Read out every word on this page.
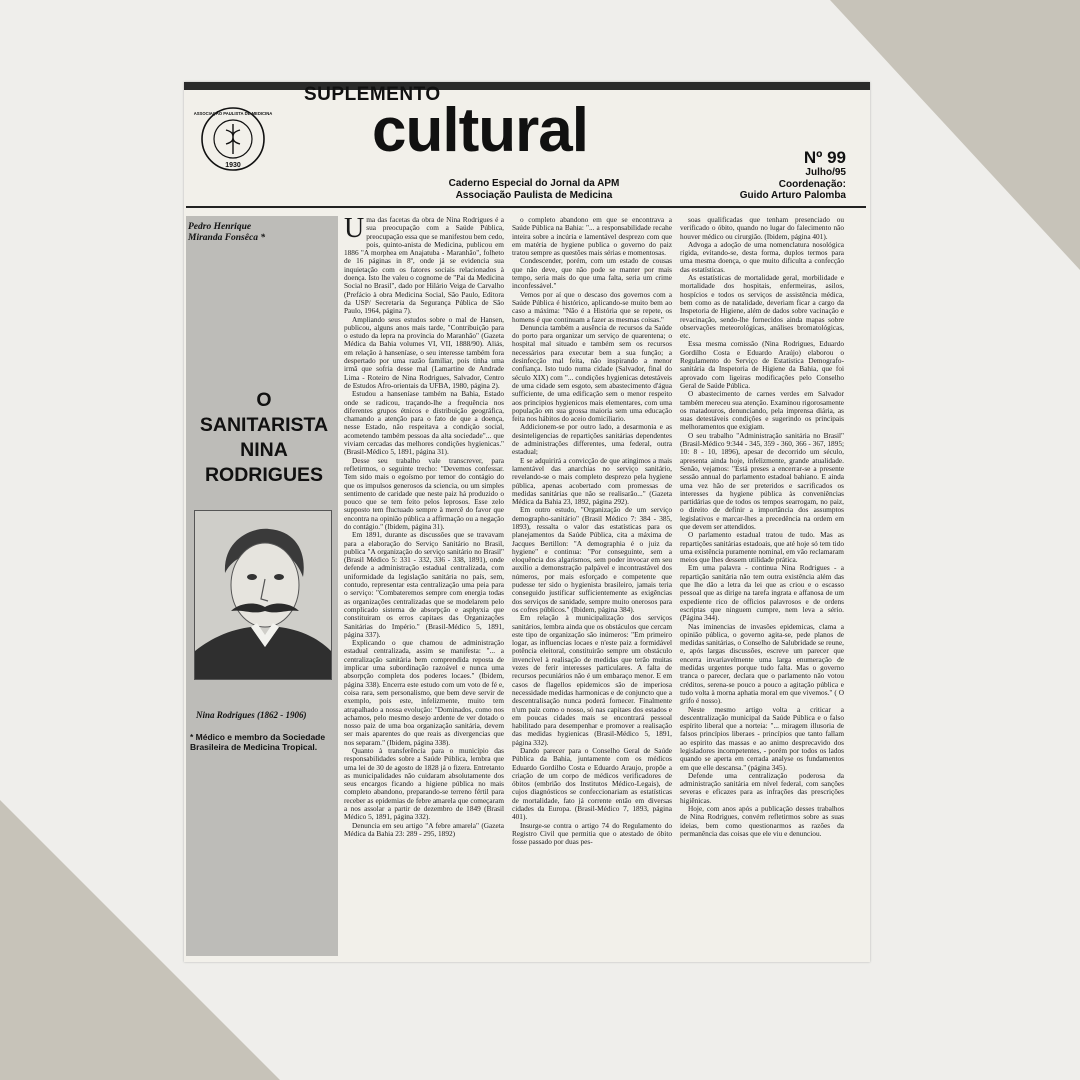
1930
ASSOCIAÇÃO PAULISTA DE MEDICINA
SUPLEMENTO
cultural
Caderno Especial do Jornal da APM
Associação Paulista de Medicina
Nº 99
Julho/95
Coordenação:
Guido Arturo Palomba
Pedro Henrique
Miranda Fonsêca *
O
SANITARISTA
NINA
RODRIGUES
Nina Rodrigues (1862 - 1906)
* Médico e membro da Sociedade Brasileira de Medicina Tropical.

Uma das facetas da obra de Nina Rodrigues é a sua preocupação com a Saúde Pública, preocupação essa que se manifestou bem cedo, pois, quinto-anista de Medicina, publicou em 1886 "A morphea em Anajatuba - Maranhão", folheto de 16 páginas in 8º, onde já se evidencia sua inquietação com os fatores sociais relacionados à doença. Isto lhe valeu o cognome de "Pai da Medicina Social no Brasil", dado por Hilário Veiga de Carvalho (Prefácio à obra Medicina Social, São Paulo, Editora da USP/ Secretaria da Segurança Pública de São Paulo, 1964, página 7).

Ampliando seus estudos sobre o mal de Hansen, publicou, alguns anos mais tarde, "Contribuição para o estudo da lepra na província do Maranhão" (Gazeta Médica da Bahia volumes VI, VII, 1888/90). Aliás, em relação à hanseníase, o seu interesse também fora despertado por uma razão familiar, pois tinha uma irmã que sofria desse mal (Lamartine de Andrade Lima - Roteiro de Nina Rodrigues, Salvador, Centro de Estudos Afro-orientais da UFBA, 1980, página 2).

Estudou a hanseníase também na Bahia, Estado onde se radicou, traçando-lhe a frequência nos diferentes grupos étnicos e distribuição geográfica, chamando a atenção para o fato de que a doença, nesse Estado, não respeitava a condição social, acometendo também pessoas da alta sociedade"... que viviam cercadas das melhores condições hygienicas." (Brasil-Médico 5, 1891, página 31).

Desse seu trabalho vale transcrever, para refletirmos, o seguinte trecho: "Devemos confessar. Tem sido mais o egoísmo por temor do contágio do que os impulsos generosos da sciencia, ou um simples sentimento de caridade que neste paiz há produzido o pouco que se tem feito pelos leprosos. Esse zelo supposto tem fluctuado sempre à mercê do favor que encontra na opinião pública a affirmação ou a negação do contágio." (Ibidem, página 31).

Em 1891, durante as discussões que se travavam para a elaboração do Serviço Sanitário no Brasil, publica "A organização do serviço sanitário no Brasil" (Brasil Médico 5: 331 - 332, 336 - 338, 1891), onde defende a administração estadual centralizada, com uniformidade da legislação sanitária no país, sem, contudo, representar esta centralização uma peia para o serviço: "Combateremos sempre com energia todas as organizações centralizadas que se modelarem pelo complicado sistema de absorpção e asphyxia que constituiram os erros capitaes das Organizações Sanitárias do Império." (Brasil-Médico 5, 1891, página 337).

Explicando o que chamou de administração estadual centralizada, assim se manifesta: "... a centralização sanitária bem comprendida reposta de implicar uma subordinação razoável e nunca uma absorpção completa dos poderes locaes." (Ibidem, página 338). Encerra este estudo com um voto de fé e, coisa rara, sem personalismo, que bem deve servir de exemplo, pois este, infelizmente, muito tem atrapalhado a nossa evolução: "Dominados, como nos achamos, pelo mesmo desejo ardente de ver dotado o nosso paiz de uma boa organização sanitária, devem ser mais aparentes do que reais as divergencias que nos separam." (Ibidem, página 338).

Quanto à transferência para o município das responsabilidades sobre a Saúde Pública, lembra que uma lei de 30 de agosto de 1828 já o fizera. Entretanto as municipalidades não cuidaram absolutamente dos seus encargos ficando a higiene pública no mais completo abandono, preparando-se terreno fértil para receber as epidemias de febre amarela que começaram a nos assolar a partir de dezembro de 1849 (Brasil Médico 5, 1891, página 332).

Denuncia em seu artigo "A febre amarela" (Gazeta Médica da Bahia 23: 289 - 295, 1892)

o completo abandono em que se encontrava a Saúde Pública na Bahia: "... a responsabilidade recahe inteira sobre a incúria e lamentável desprezo com que em matéria de hygiene publica o governo do paiz tratou sempre as questões mais sérias e momentosas.

Condescender, porém, com um estado de cousas que não deve, que não pode se manter por mais tempo, seria mais do que uma falta, seria um crime inconfessável."

Vemos por aí que o descaso dos governos com a Saúde Pública é histórico, aplicando-se muito bem ao caso a máxima: "Não é a História que se repete, os homens é que continuam a fazer as mesmas coisas."

Denuncia também a ausência de recursos da Saúde do porto para organizar um serviço de quarentena; o hospital mal situado e também sem os recursos necessários para executar bem a sua função; a desinfecção mal feita, não inspirando a menor confiança. Isto tudo numa cidade (Salvador, final do século XIX) com "... condições hygienicas detestáveis de uma cidade sem esgoto, sem abastecimento d'água sufficiente, de uma edificação sem o menor respeito aos principios hygienicos mais elementares, com uma população em sua grossa maioria sem uma educação feita nos hábitos do aceio domiciliario.

Addicionem-se por outro lado, a desarmonia e as desinteligencias de repartições sanitárias dependentes de administrações differentes, uma federal, outra estadual;

E se adquirirá a convicção de que atingimos a mais lamentável das anarchias no serviço sanitário, revelando-se o mais completo desprezo pela hygiene pública, apenas acobertado com promessas de medidas sanitárias que não se realisarão..." (Gazeta Médica da Bahia 23, 1892, página 292).

Em outro estudo, "Organização de um serviço demographo-sanitário" (Brasil Médico 7: 384 - 385, 1893), ressalta o valor das estatísticas para os planejamentos da Saúde Pública, cita a máxima de Jacques Bertillon: "A demographia é o juiz da hygiene" e continua: "Por conseguinte, sem a eloquência dos algarismos, sem poder invocar em seu auxílio a demonstração palpável e incontrastável dos números, por mais esforçado e competente que pudesse ter sido o hygienista brasileiro, jamais teria conseguido justificar sufficientemente as exigências dos serviços de sanidade, sempre muito onerosos para os cofres públicos." (Ibidem, página 384).

Em relação à municipalização dos serviços sanitários, lembra ainda que os obstáculos que cercam este tipo de organização são inúmeros: "Em primeiro logar, as influencias locaes e n'este paiz a formidável potência eleitoral, constituirão sempre um obstáculo invencível à realisação de medidas que terão muitas vezes de ferir interesses particulares. A falta de recursos pecuniários não é um embaraço menor. E em casos de flagellos epidemicos são de imperiosa necessidade medidas harmonicas e de conjuncto que a descentralisação nunca poderá fornecer. Finalmente n'um paiz como o nosso, só nas capitaes dos estados e em poucas cidades mais se encontrará pessoal habilitado para desempenhar e promover a realisação das medidas hygienicas (Brasil-Médico 5, 1891, página 332).

Dando parecer para o Conselho Geral de Saúde Pública da Bahia, juntamente com os médicos Eduardo Gordilho Costa e Eduardo Araujo, propõe a criação de um corpo de médicos verificadores de óbitos (embrião dos Institutos Médico-Legais), de cujos diagnósticos se confeccionariam as estatísticas de mortalidade, fato já corrente então em diversas cidades da Europa. (Brasil-Médico 7, 1893, página 401).

Insurge-se contra o artigo 74 do Regulamento do Registro Civil que permitia que o atestado de óbito fosse passado por duas pes-

soas qualificadas que tenham presenciado ou verificado o óbito, quando no lugar do falecimento não houver médico ou cirurgião. (Ibidem, página 401).

Advoga a adoção de uma nomenclatura nosológica rígida, evitando-se, desta forma, duplos termos para uma mesma doença, o que muito dificulta a confecção das estatísticas.

As estatísticas de mortalidade geral, morbilidade e mortalidade dos hospitais, enfermeiras, asilos, hospícios e todos os serviços de assistência médica, bem como as de natalidade, deveriam ficar a cargo da Inspetoria de Higiene, além de dados sobre vacinação e revacinação, sendo-lhe fornecidos ainda mapas sobre observações meteorológicas, análises bromatológicas, etc.

Essa mesma comissão (Nina Rodrigues, Eduardo Gordilho Costa e Eduardo Araújo) elaborou o Regulamento do Serviço de Estatística Demografo-sanitária da Inspetoria de Higiene da Bahia, que foi aprovado com ligeiras modificações pelo Conselho Geral de Saúde Pública.

O abastecimento de carnes verdes em Salvador também mereceu sua atenção. Examinou rigorosamente os matadouros, denunciando, pela imprensa diária, as suas detestáveis condições e sugerindo os principais melhoramentos que exigiam.

O seu trabalho "Administração sanitária no Brasil" (Brasil-Médico 9:344 - 345, 359 - 360, 366 - 367, 1895; 10: 8 - 10, 1896), apesar de decorrido um século, apresenta ainda hoje, infelizmente, grande atualidade. Senão, vejamos: "Está preses a encerrar-se a presente sessão annual do parlamento estadoal bahiano. E ainda uma vez hão de ser preteridos e sacrificados os interesses da hygiene pública às conveniências partidárias que de todos os tempos searrogam, no paiz, o direito de definir a importância dos assumptos legislativos e marcar-lhes a precedência na ordem em que devem ser attendidos.

O parlamento estadual tratou de tudo. Mas as repartições sanitárias estadoais, que até hoje só tem tido uma existência puramente nominal, em vão reclamaram meios que lhes dessem utilidade prática.

Em uma palavra - continua Nina Rodrigues - a repartição sanitária não tem outra existência além das que lhe dão a letra da lei que as criou e o escasso pessoal que as dirige na tarefa ingrata e affanosa de um expediente rico de officios palavrosos e de ordens escriptas que ninguem cumpre, nem leva a sério. (Página 344).

Nas iminencias de invasões epidemicas, clama a opinião pública, o governo agita-se, pede planos de medidas sanitárias, o Conselho de Salubridade se reune, e, após largas discussões, escreve um parecer que encerra invariavelmente uma larga enumeração de medidas urgentes porque tudo falta. Mas o governo tranca o parecer, declara que o parlamento não votou créditos, serena-se pouco a pouco a agitação pública e tudo volta à morna aphatia moral em que vivemos." ( O grifo é nosso).

Neste mesmo artigo volta a criticar a descentralização municipal da Saúde Pública e o falso espírito liberal que a norteia: "... miragem illusoria de falsos princípios liberaes - princípios que tanto fallam ao espirito das massas e ao animo desprecavido dos legisladores incompetentes, - porém por todos os lados quando se aperta em cerrada analyse os fundamentos em que elle descansa." (página 345).

Defende uma centralização poderosa da administração sanitária em nível federal, com sanções severas e eficazes para as infrações das prescrições higiênicas.

Hoje, com anos após a publicação desses trabalhos de Nina Rodrigues, convém refletirmos sobre as suas ideias, bem como questionarmos as razões da permanência das coisas que ele viu e denunciou.
